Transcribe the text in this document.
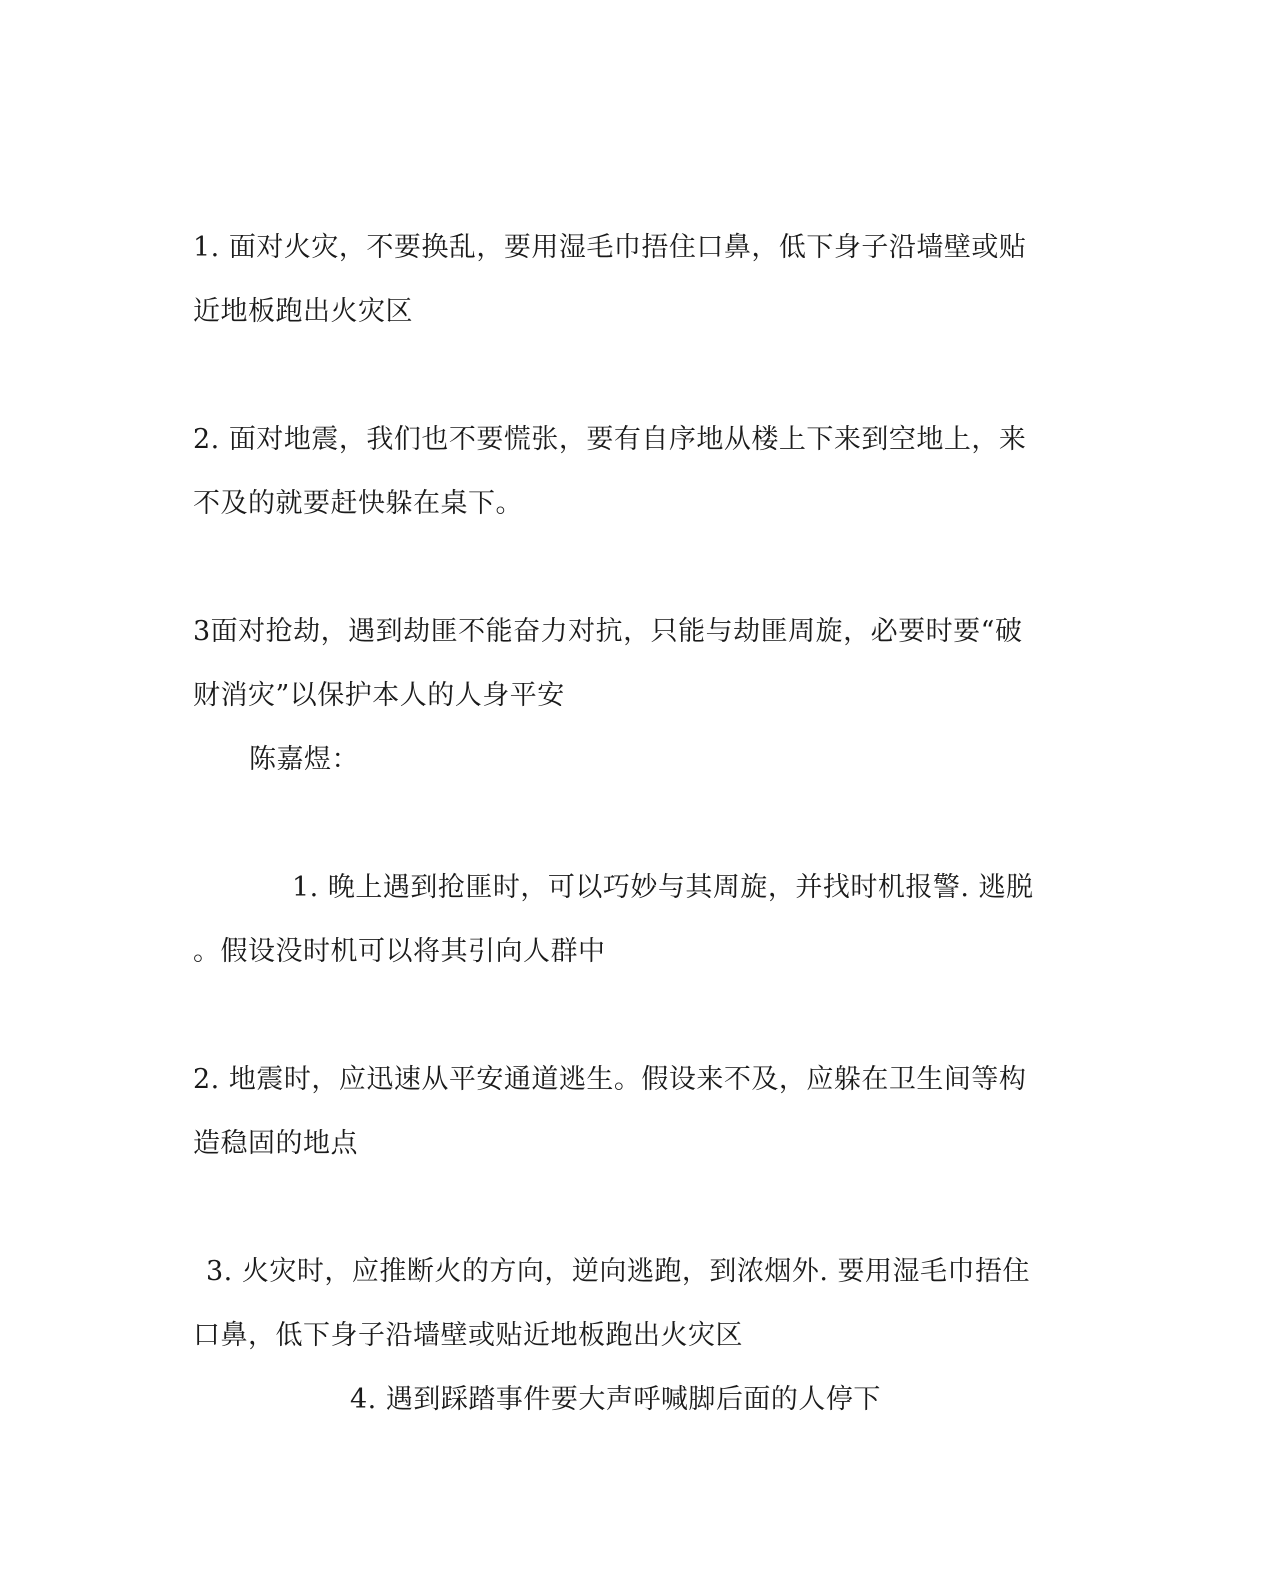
1. 面对火灾，不要换乱，要用湿毛巾捂住口鼻，低下身子沿墙壁或贴
近地板跑出火灾区
2. 面对地震，我们也不要慌张，要有自序地从楼上下来到空地上，来
不及的就要赶快躲在桌下。
3面对抢劫，遇到劫匪不能奋力对抗，只能与劫匪周旋，必要时要“破
财消灾”以保护本人的人身平安
陈嘉煜：
1. 晚上遇到抢匪时，可以巧妙与其周旋，并找时机报警. 逃脱
。假设没时机可以将其引向人群中
2. 地震时，应迅速从平安通道逃生。假设来不及，应躲在卫生间等构
造稳固的地点
3. 火灾时，应推断火的方向，逆向逃跑，到浓烟外. 要用湿毛巾捂住
口鼻，低下身子沿墙壁或贴近地板跑出火灾区
4. 遇到踩踏事件要大声呼喊脚后面的人停下
